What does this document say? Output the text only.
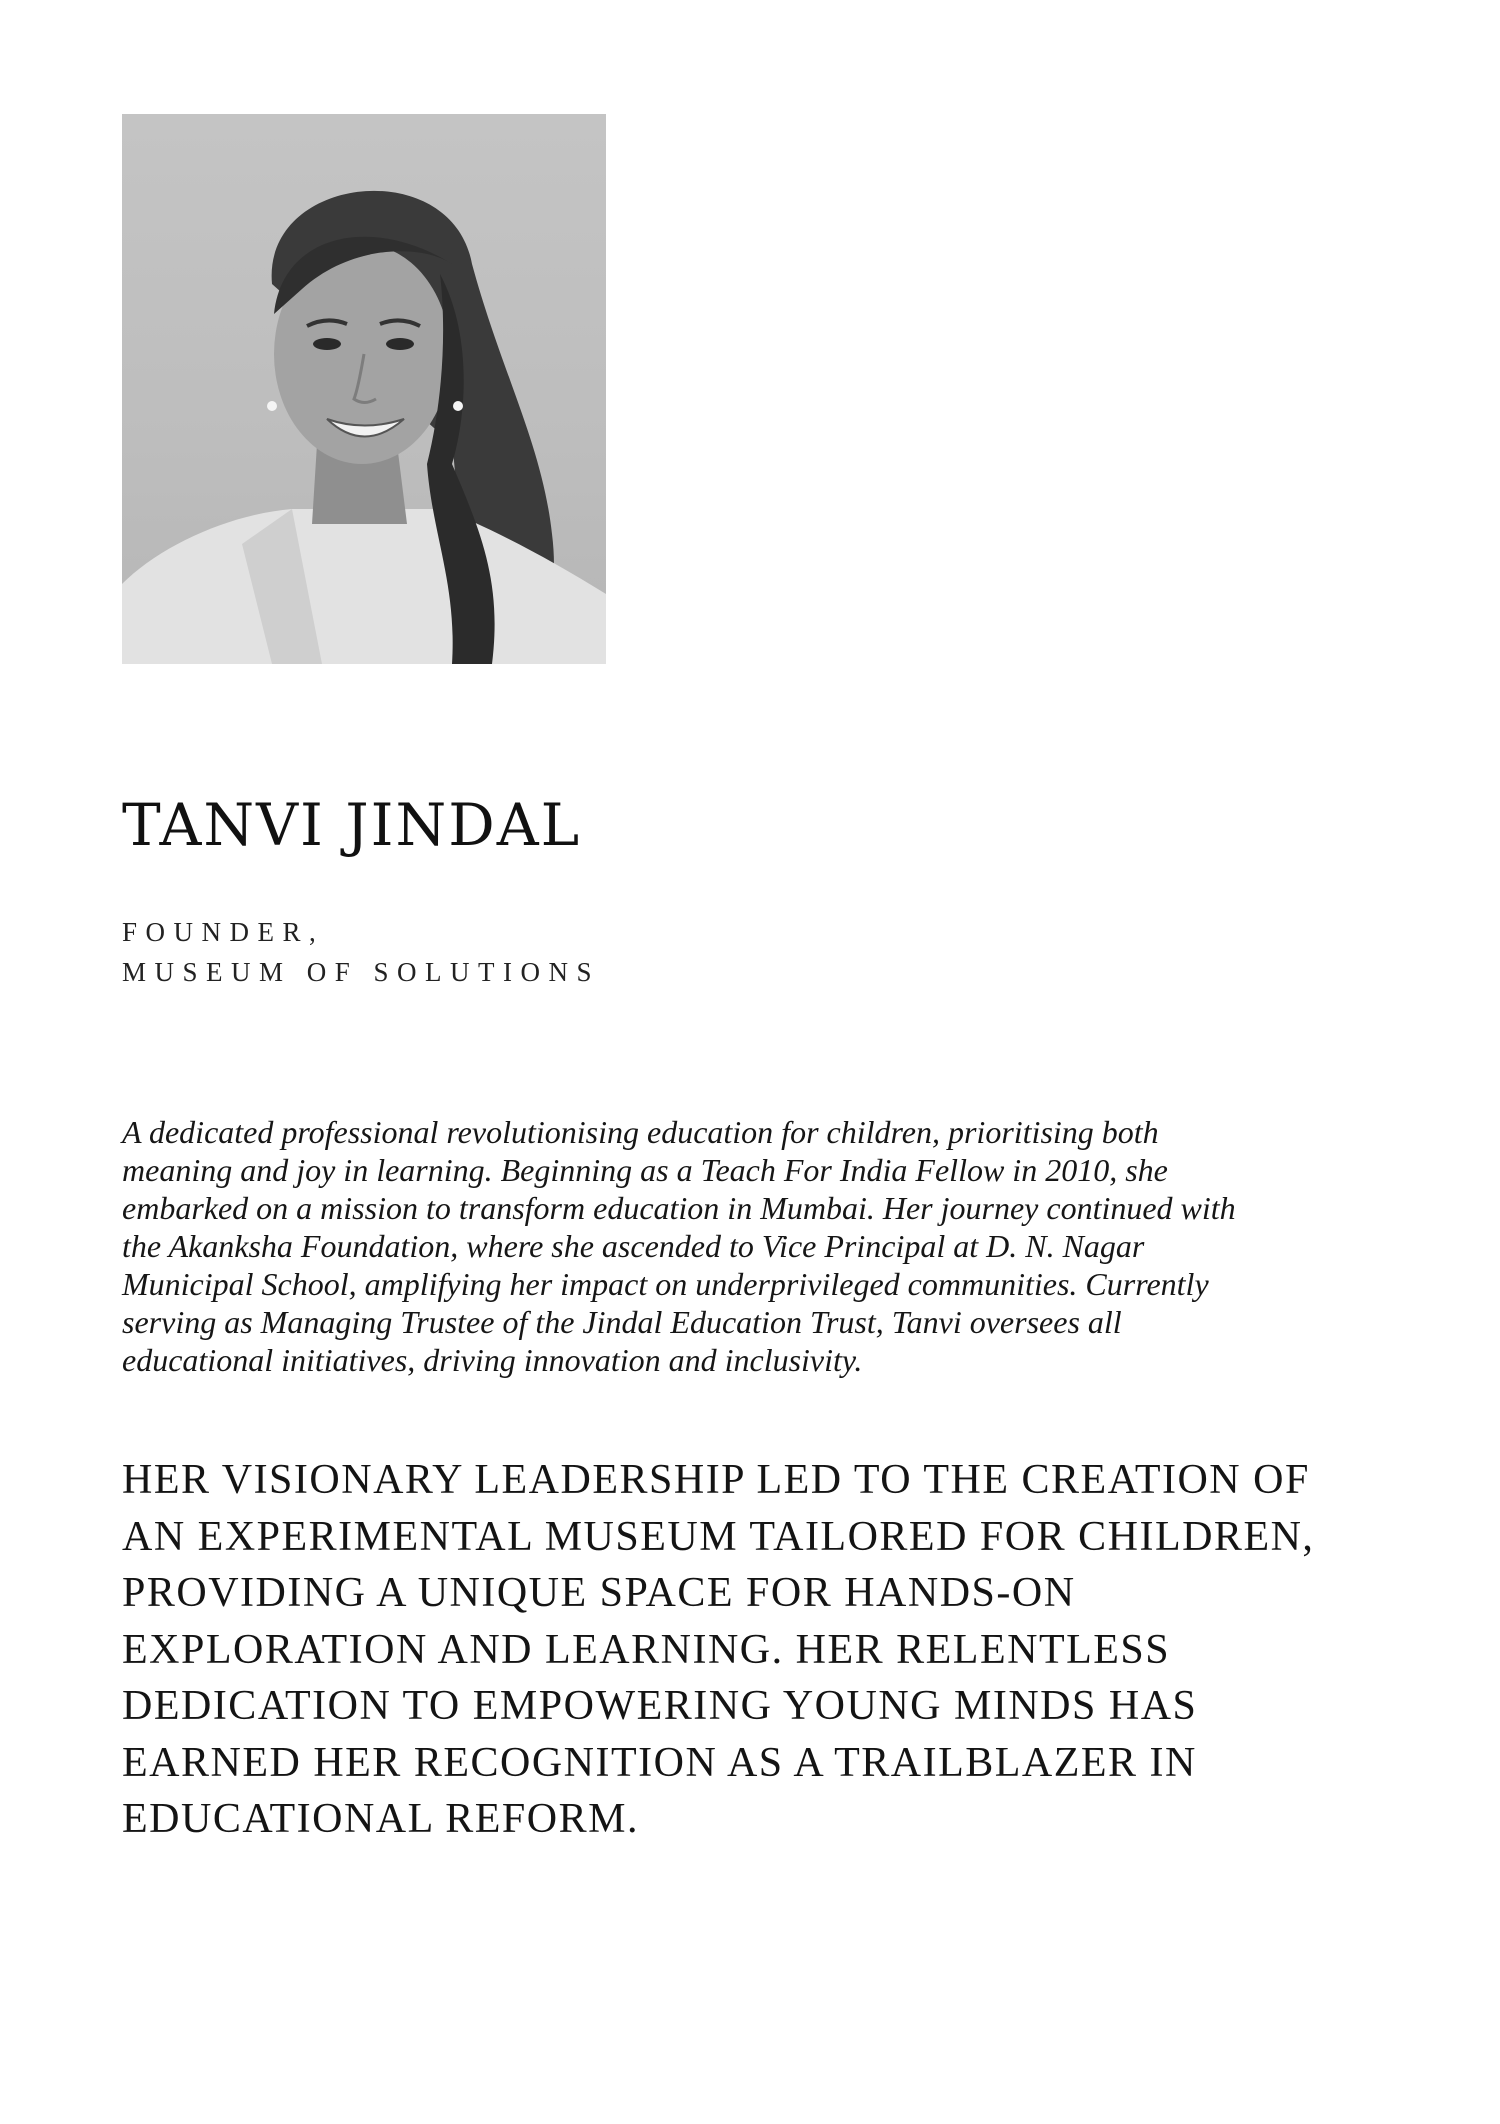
TANVI JINDAL
FOUNDER,
MUSEUM OF SOLUTIONS

A dedicated professional revolutionising education for children, prioritising both meaning and joy in learning. Beginning as a Teach For India Fellow in 2010, she embarked on a mission to transform education in Mumbai. Her journey continued with the Akanksha Foundation, where she ascended to Vice Principal at D. N. Nagar Municipal School, amplifying her impact on underprivileged communities. Currently serving as Managing Trustee of the Jindal Education Trust, Tanvi oversees all educational initiatives, driving innovation and inclusivity.

HER VISIONARY LEADERSHIP LED TO THE CREATION OF AN EXPERIMENTAL MUSEUM TAILORED FOR CHILDREN, PROVIDING A UNIQUE SPACE FOR HANDS-ON EXPLORATION AND LEARNING. HER RELENTLESS DEDICATION TO EMPOWERING YOUNG MINDS HAS EARNED HER RECOGNITION AS A TRAILBLAZER IN EDUCATIONAL REFORM.
